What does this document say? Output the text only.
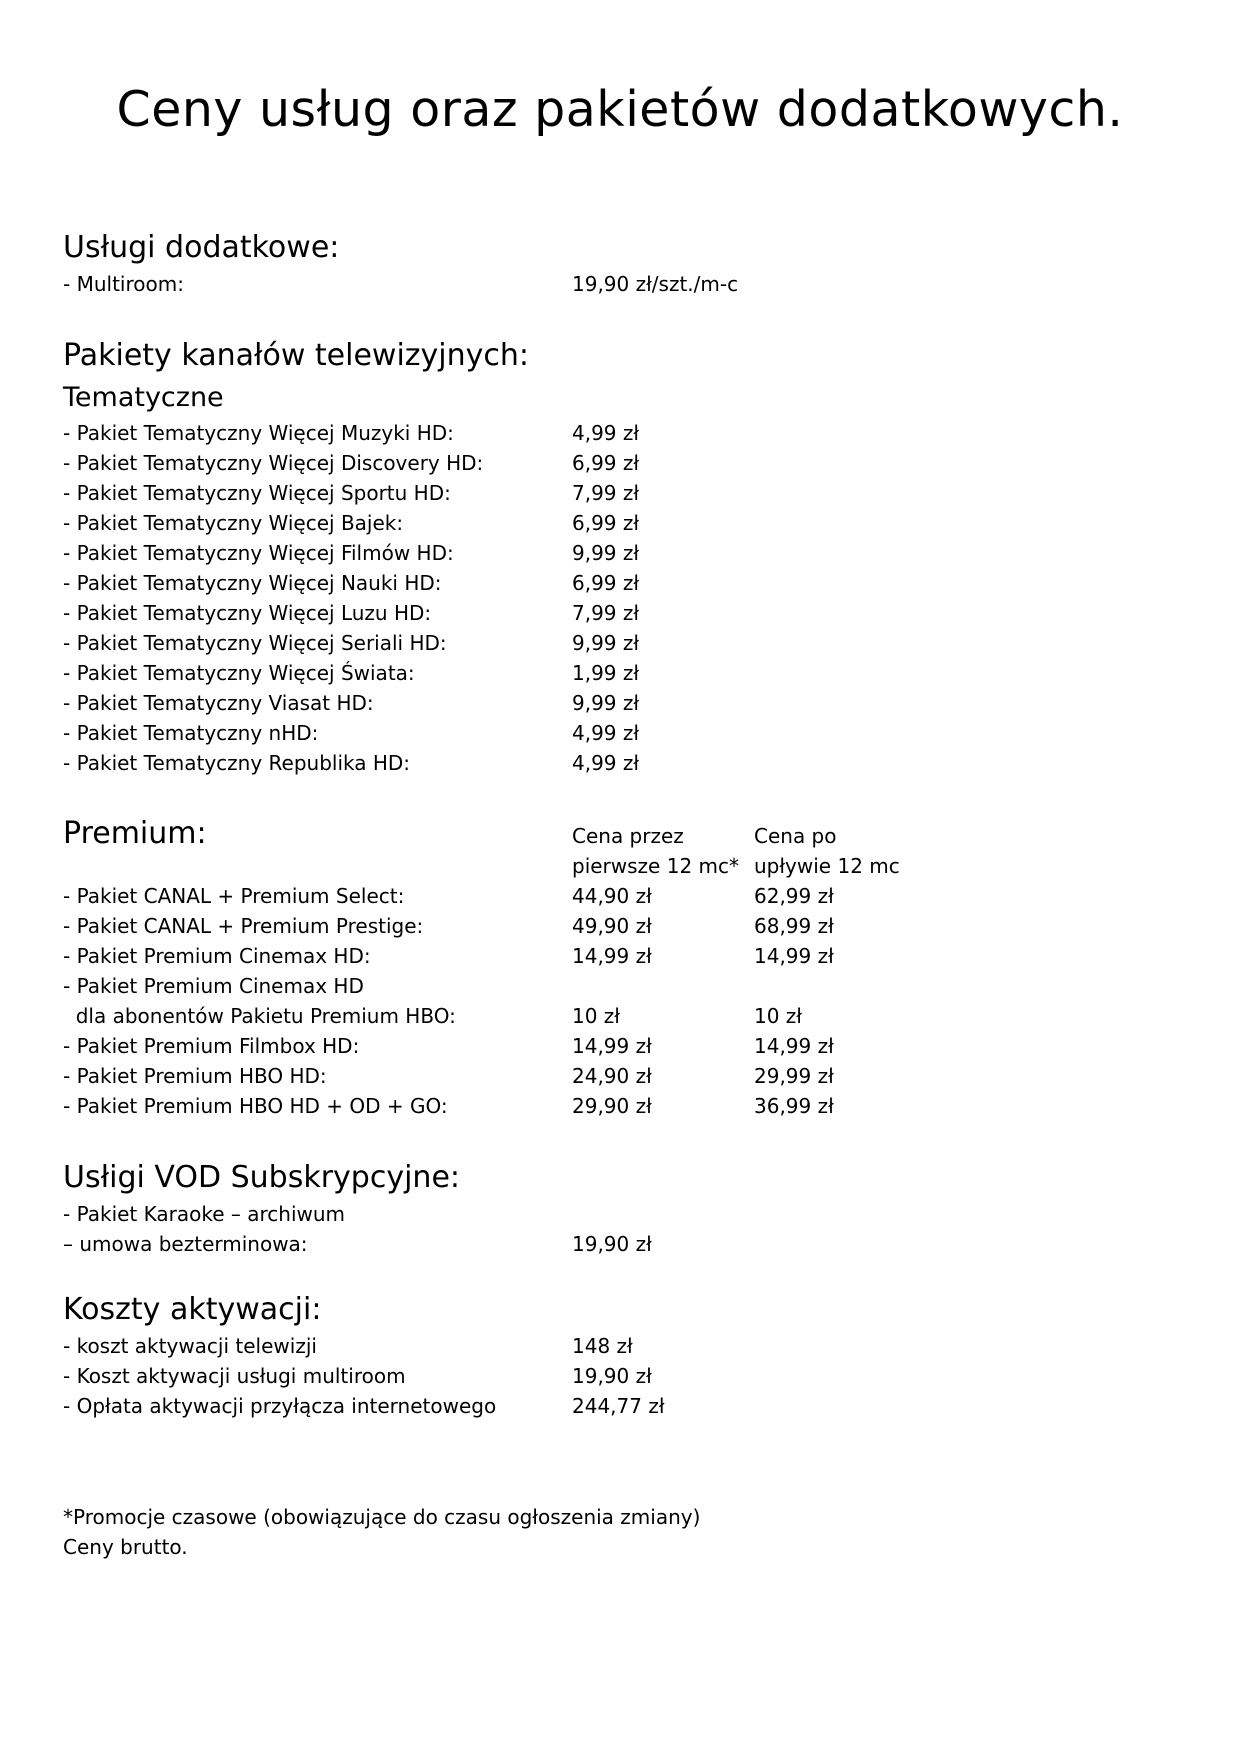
Ceny usług oraz pakietów dodatkowych.
Usługi dodatkowe:
- Multiroom:	19,90 zł/szt./m-c
Pakiety kanałów telewizyjnych:
Tematyczne
- Pakiet Tematyczny Więcej Muzyki HD:	4,99 zł
- Pakiet Tematyczny Więcej Discovery HD:	6,99 zł
- Pakiet Tematyczny Więcej Sportu HD:	7,99 zł
- Pakiet Tematyczny Więcej Bajek:	6,99 zł
- Pakiet Tematyczny Więcej Filmów HD:	9,99 zł
- Pakiet Tematyczny Więcej Nauki HD:	6,99 zł
- Pakiet Tematyczny Więcej Luzu HD:	7,99 zł
- Pakiet Tematyczny Więcej Seriali HD:	9,99 zł
- Pakiet Tematyczny Więcej Świata:	1,99 zł
- Pakiet Tematyczny Viasat HD:	9,99 zł
- Pakiet Tematyczny nHD:	4,99 zł
- Pakiet Tematyczny Republika HD:	4,99 zł
Premium:	Cena przez
pierwsze 12 mc*
Cena po
upływie 12 mc
- Pakiet CANAL + Premium Select:	44,90 zł	62,99 zł
- Pakiet CANAL + Premium Prestige:	49,90 zł	68,99 zł
- Pakiet Premium Cinemax HD:	14,99 zł	14,99 zł
- Pakiet Premium Cinemax HD
dla abonentów Pakietu Premium HBO:	10 zł	10 zł
- Pakiet Premium Filmbox HD:	14,99 zł	14,99 zł
- Pakiet Premium HBO HD:	24,90 zł	29,99 zł
- Pakiet Premium HBO HD + OD + GO:	29,90 zł	36,99 zł
Usłigi VOD Subskrypcyjne:
- Pakiet Karaoke – archiwum
– umowa bezterminowa:	19,90 zł
Koszty aktywacji:
- koszt aktywacji telewizji	148 zł
- Koszt aktywacji usługi multiroom	19,90 zł
- Opłata aktywacji przyłącza internetowego	244,77 zł
*Promocje czasowe (obowiązujące do czasu ogłoszenia zmiany)
Ceny brutto.
